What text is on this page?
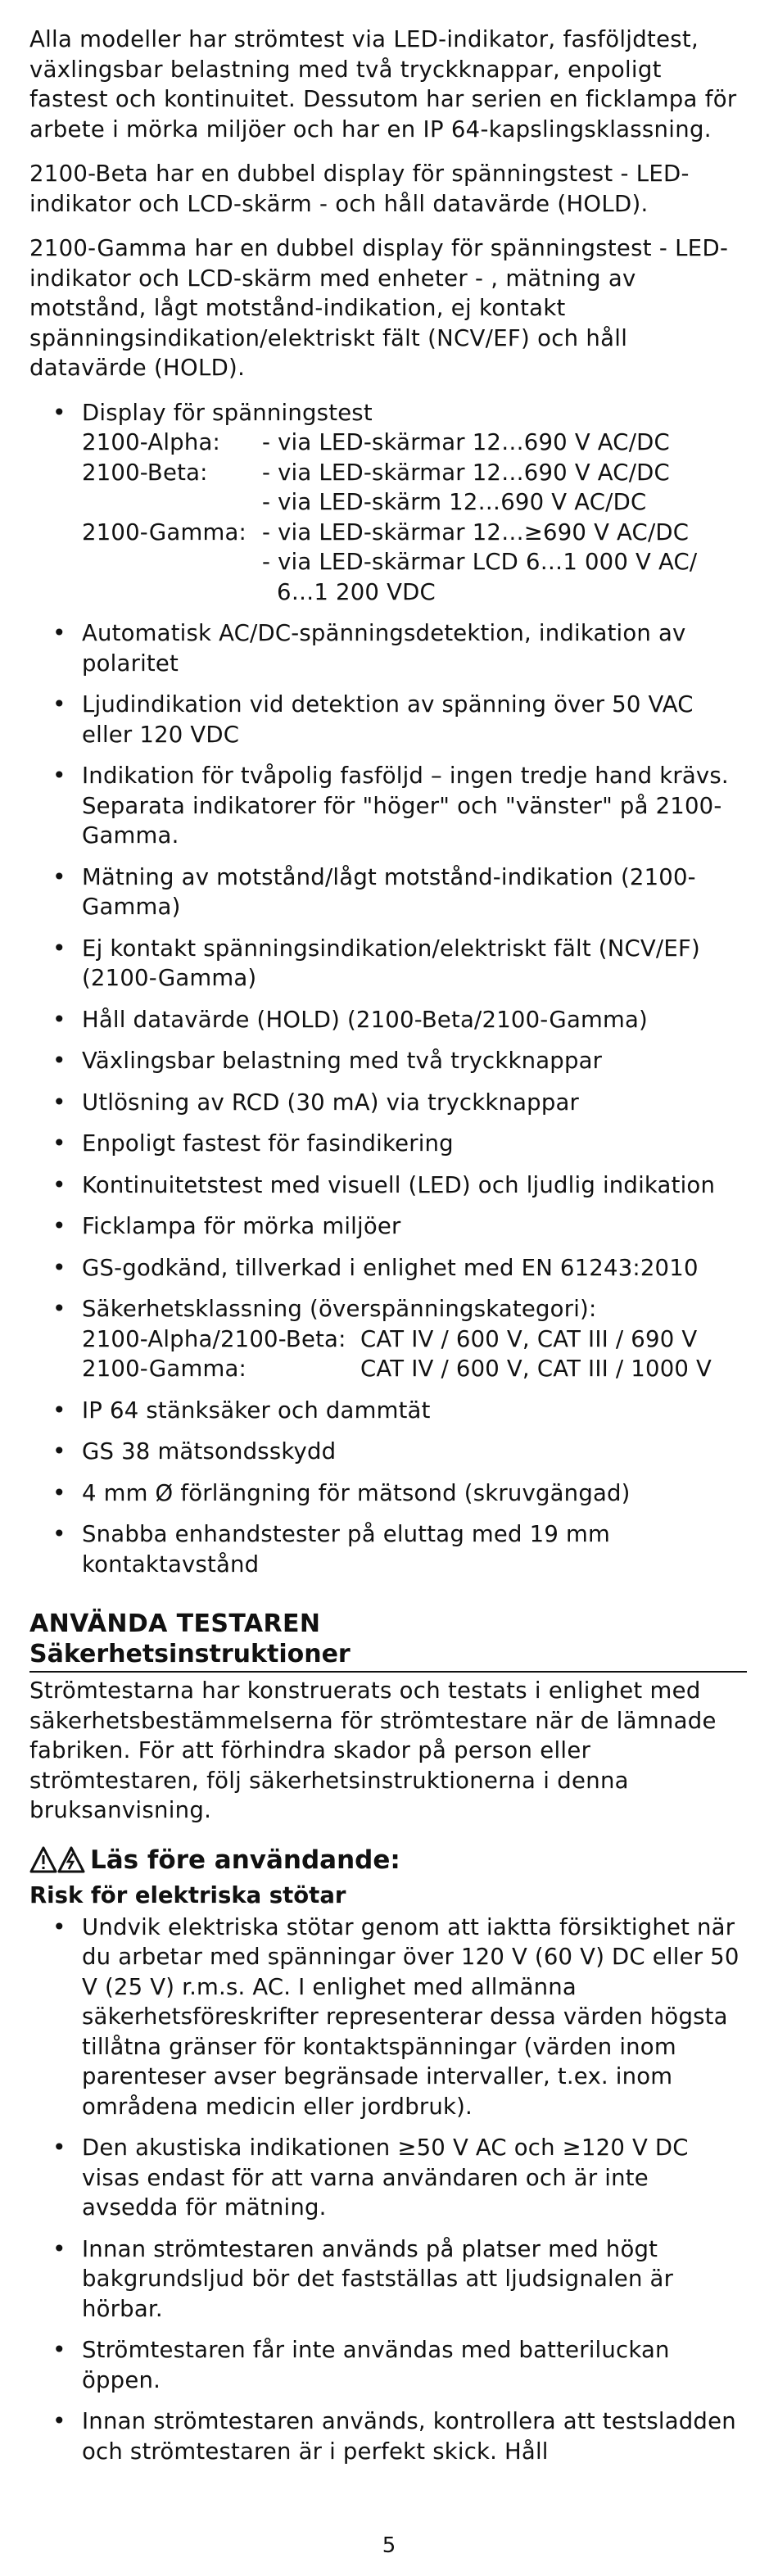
Alla modeller har strömtest via LED-indikator, fasföljdtest, växlingsbar belastning med två tryckknappar, enpoligt fastest och kontinuitet. Dessutom har serien en ficklampa för arbete i mörka miljöer och har en IP 64-kapslingsklassning.

2100-Beta har en dubbel display för spänningstest - LED-indikator och LCD-skärm - och håll datavärde (HOLD).

2100-Gamma har en dubbel display för spänningstest - LED-indikator och LCD-skärm med enheter - , mätning av motstånd, lågt motstånd-indikation, ej kontakt spänningsindikation/elektriskt fält (NCV/EF) och håll datavärde (HOLD).

• Display för spänningstest
2100-Alpha:	- via LED-skärmar 12…690 V AC/DC
2100-Beta:	- via LED-skärmar 12…690 V AC/DC
- via LED-skärm 12…690 V AC/DC
2100-Gamma: - via LED-skärmar 12…≥690 V AC/DC
- via LED-skärmar LCD 6…1 000 V AC/
6…1 200 VDC
• Automatisk AC/DC-spänningsdetektion, indikation av polaritet
• Ljudindikation vid detektion av spänning över 50 VAC eller 120 VDC
• Indikation för tvåpolig fasföljd – ingen tredje hand krävs. Separata indikatorer för "höger" och "vänster" på 2100-Gamma.
• Mätning av motstånd/lågt motstånd-indikation (2100-Gamma)
• Ej kontakt spänningsindikation/elektriskt fält (NCV/EF) (2100-Gamma)
• Håll datavärde (HOLD) (2100-Beta/2100-Gamma)
• Växlingsbar belastning med två tryckknappar
• Utlösning av RCD (30 mA) via tryckknappar
• Enpoligt fastest för fasindikering
• Kontinuitetstest med visuell (LED) och ljudlig indikation
• Ficklampa för mörka miljöer
• GS-godkänd, tillverkad i enlighet med EN 61243:2010
• Säkerhetsklassning (överspänningskategori):
2100-Alpha/2100-Beta: CAT IV / 600 V, CAT III / 690 V
2100-Gamma:	CAT IV / 600 V, CAT III / 1000 V
• IP 64 stänksäker och dammtät
• GS 38 mätsondsskydd
• 4 mm Ø förlängning för mätsond (skruvgängad)
• Snabba enhandstester på eluttag med 19 mm kontaktavstånd
ANVÄNDA TESTAREN
Säkerhetsinstruktioner

Strömtestarna har konstruerats och testats i enlighet med säkerhetsbestämmelserna för strömtestare när de lämnade fabriken. För att förhindra skador på person eller strömtestaren, följ säkerhetsinstruktionerna i denna bruksanvisning.

Läs före användande:
Risk för elektriska stötar
• Undvik elektriska stötar genom att iaktta försiktighet när du arbetar med spänningar över 120 V (60 V) DC eller 50 V (25 V) r.m.s. AC. I enlighet med allmänna säkerhetsföreskrifter representerar dessa värden högsta tillåtna gränser för kontaktspänningar (värden inom parenteser avser begränsade intervaller, t.ex. inom områdena medicin eller jordbruk).
• Den akustiska indikationen ≥50 V AC och ≥120 V DC visas endast för att varna användaren och är inte avsedda för mätning.
• Innan strömtestaren används på platser med högt bakgrundsljud bör det fastställas att ljudsignalen är hörbar.
• Strömtestaren får inte användas med batteriluckan öppen.
• Innan strömtestaren används, kontrollera att testsladden och strömtestaren är i perfekt skick. Håll
5
